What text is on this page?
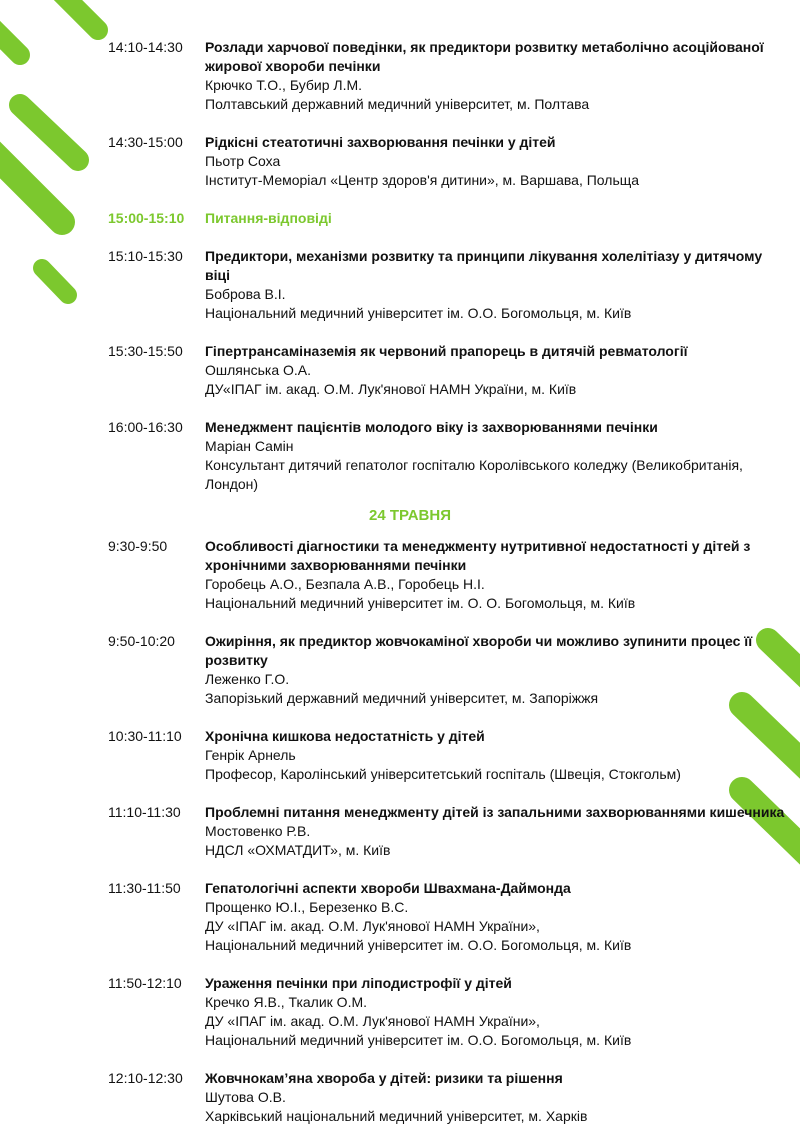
14:10-14:30	Розлади харчової поведінки, як предиктори розвитку метаболічно асоційованої жирової хвороби печінки
Крючко Т.О., Бубир Л.М.
Полтавський державний медичний університет, м. Полтава
14:30-15:00	Рідкісні стеатотичні захворювання печінки у дітей
Пьотр Соха
Інститут-Меморіал «Центр здоров'я дитини», м. Варшава, Польща
15:00-15:10	Питання-відповіді
15:10-15:30	Предиктори, механізми розвитку та принципи лікування холелітіазу у дитячому віці
Боброва В.І.
Національний медичний університет ім. О.О. Богомольця, м. Київ
15:30-15:50	Гіпертрансаміназемія як червоний прапорець в дитячій ревматології
Ошлянська О.А.
ДУ«ІПАГ ім. акад. О.М. Лук'янової НАМН України, м. Київ
16:00-16:30	Менеджмент пацієнтів молодого віку із захворюваннями печінки
Маріан Самін
Консультант дитячий гепатолог госпіталю Королівського коледжу (Великобританія, Лондон)
24 ТРАВНЯ
9:30-9:50	Особливості діагностики та менеджменту нутритивної недостатності у дітей з хронічними захворюваннями печінки
Горобець А.О., Безпала А.В., Горобець Н.І.
Національний медичний університет ім. О. О. Богомольця, м. Київ
9:50-10:20	Ожиріння, як предиктор жовчокаміної хвороби чи можливо зупинити процес її розвитку
Леженко Г.О.
Запорізький державний медичний університет, м. Запоріжжя
10:30-11:10	Хронічна кишкова недостатність у дітей
Генрік Арнель
Професор, Каролінський університетський госпіталь (Швеція, Стокгольм)
11:10-11:30	Проблемні питання менеджменту дітей із запальними захворюваннями кишечника
Мостовенко Р.В.
НДСЛ «ОХМАТДИТ», м. Київ
11:30-11:50	Гепатологічні аспекти хвороби Швахмана-Даймонда
Прощенко Ю.І., Березенко В.С.
ДУ «ІПАГ ім. акад. О.М. Лук'янової НАМН України»,
Національний медичний університет ім. О.О. Богомольця, м. Київ
11:50-12:10	Ураження печінки при ліподистрофії у дітей
Кречко Я.В., Ткалик О.М.
ДУ «ІПАГ ім. акад. О.М. Лук'янової НАМН України»,
Національний медичний університет ім. О.О. Богомольця, м. Київ
12:10-12:30	Жовчнокам’яна хвороба у дітей: ризики та рішення
Шутова О.В.
Харківський національний медичний університет, м. Харків
